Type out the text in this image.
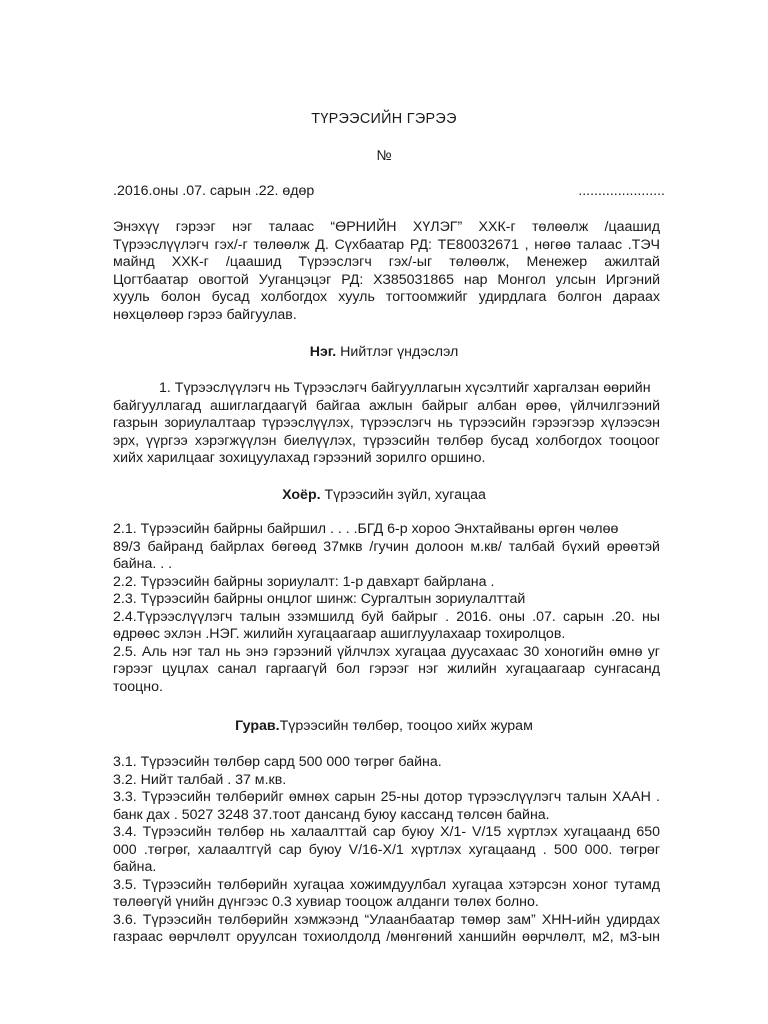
ТҮРЭЭСИЙН ГЭРЭЭ
№
.2016.оны .07. сарын .22. өдөр	......................
Энэхүү гэрээг нэг талаас “ӨРНИЙН ХҮЛЭГ” ХХК-г төлөөлж /цаашид
Түрээслүүлэгч гэх/-г төлөөлж Д. Сүхбаатар РД: ТЕ80032671 , нөгөө талаас .ТЭЧ
майнд ХХК-г /цаашид Түрээслэгч гэх/-ыг төлөөлж, Менежер ажилтай
Цогтбаатар овогтой Ууганцэцэг РД: ХЗ85031865 нар Монгол улсын Иргэний
хууль болон бусад холбогдох хууль тогтоомжийг удирдлага болгон дараах
нөхцөлөөр гэрээ байгуулав.
Нэг. Нийтлэг үндэслэл
1. Түрээслүүлэгч нь Түрээслэгч байгууллагын хүсэлтийг харгалзан өөрийн
байгууллагад ашиглагдаагүй байгаа ажлын байрыг албан өрөө, үйлчилгээний
газрын зориулалтаар түрээслүүлэх, түрээслэгч нь түрээсийн гэрээгээр хүлээсэн
эрх, үүргээ хэрэгжүүлэн биелүүлэх, түрээсийн төлбөр бусад холбогдох тооцоог
хийх харилцааг зохицуулахад гэрээний зорилго оршино.
Хоёр. Түрээсийн зүйл, хугацаа
2.1. Түрээсийн байрны байршил . . . .БГД 6-р хороо Энхтайваны өргөн чөлөө
89/3 байранд байрлах бөгөөд 37мкв /гучин долоон м.кв/ талбай бүхий өрөөтэй
байна. . .
2.2. Түрээсийн байрны зориулалт: 1-р давхарт байрлана .
2.3. Түрээсийн байрны онцлог шинж: Сургалтын зориулалттай
2.4.Түрээслүүлэгч талын эзэмшилд буй байрыг . 2016. оны .07. сарын .20. ны
өдрөөс эхлэн .НЭГ. жилийн хугацаагаар ашиглуулахаар тохиролцов.
2.5. Аль нэг тал нь энэ гэрээний үйлчлэх хугацаа дуусахаас 30 хоногийн өмнө уг
гэрээг цуцлах санал гаргаагүй бол гэрээг нэг жилийн хугацаагаар сунгасанд
тооцно.
Гурав.Түрээсийн төлбөр, тооцоо хийх журам
3.1. Түрээсийн төлбөр сард 500 000 төгрөг байна.
3.2. Нийт талбай . 37 м.кв.
3.3. Түрээсийн төлбөрийг өмнөх сарын 25-ны дотор түрээслүүлэгч талын ХААН .
банк дах . 5027 3248 37.тоот дансанд буюу кассанд төлсөн байна.
3.4. Түрээсийн төлбөр нь халаалттай сар буюу Х/1- V/15 хүртлэх хугацаанд 650
000 .төгрөг, халаалтгүй сар буюу V/16-Х/1 хүртлэх хугацаанд . 500 000. төгрөг
байна.
3.5. Түрээсийн төлбөрийн хугацаа хожимдуулбал хугацаа хэтэрсэн хоног тутамд
төлөөгүй үнийн дүнгээс 0.3 хувиар тооцож алданги төлөх болно.
3.6. Түрээсийн төлбөрийн хэмжээнд “Улаанбаатар төмөр зам” ХНН-ийн удирдах
газраас өөрчлөлт оруулсан тохиолдолд /мөнгөний ханшийн өөрчлөлт, м2, м3-ын
